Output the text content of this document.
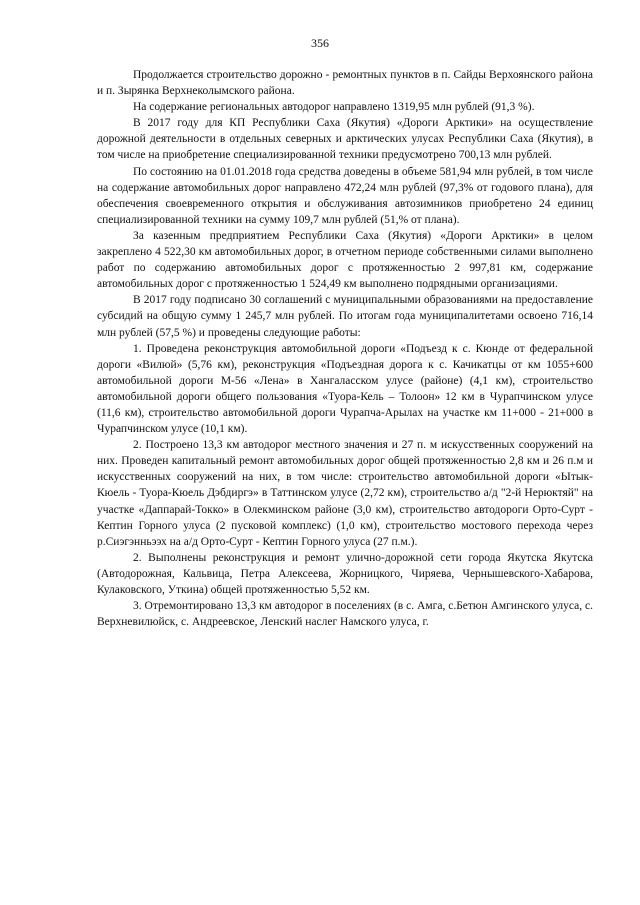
356

Продолжается строительство дорожно - ремонтных пунктов в п. Сайды Верхоянского района и п. Зырянка Верхнеколымского района.

На содержание региональных автодорог направлено 1319,95 млн рублей (91,3 %).

В 2017 году для КП Республики Саха (Якутия) «Дороги Арктики» на осуществление дорожной деятельности в отдельных северных и арктических улусах Республики Саха (Якутия), в том числе на приобретение специализированной техники предусмотрено 700,13 млн рублей.

По состоянию на 01.01.2018 года средства доведены в объеме 581,94 млн рублей, в том числе на содержание автомобильных дорог направлено 472,24 млн рублей (97,3% от годового плана), для обеспечения своевременного открытия и обслуживания автозимников приобретено 24 единиц специализированной техники на сумму 109,7 млн рублей (51,% от плана).

За казенным предприятием Республики Саха (Якутия) «Дороги Арктики» в целом закреплено 4 522,30 км автомобильных дорог, в отчетном периоде собственными силами выполнено работ по содержанию автомобильных дорог с протяженностью 2 997,81 км, содержание автомобильных дорог с протяженностью 1 524,49 км выполнено подрядными организациями.

В 2017 году подписано 30 соглашений с муниципальными образованиями на предоставление субсидий на общую сумму 1 245,7 млн рублей. По итогам года муниципалитетами освоено 716,14 млн рублей (57,5 %) и проведены следующие работы:

1. Проведена реконструкция автомобильной дороги «Подъезд к с. Кюнде от федеральной дороги «Вилюй» (5,76 км), реконструкция «Подъездная дорога к с. Качикатцы от км 1055+600 автомобильной дороги М-56 «Лена» в Хангаласском улусе (районе) (4,1 км), строительство автомобильной дороги общего пользования «Туора-Кель – Толоон» 12 км в Чурапчинском улусе (11,6 км), строительство автомобильной дороги Чурапча-Арылах на участке км 11+000 - 21+000 в Чурапчинском улусе (10,1 км).

2. Построено 13,3 км автодорог местного значения и 27 п. м искусственных сооружений на них. Проведен капитальный ремонт автомобильных дорог общей протяженностью 2,8 км и 26 п.м и искусственных сооружений на них, в том числе: строительство автомобильной дороги «Ытык-Кюель - Туора-Кюель Дэбдиргэ» в Таттинском улусе (2,72 км), строительство а/д "2-й Нерюктяй" на участке «Даппарай-Токко» в Олекминском районе (3,0 км), строительство автодороги Орто-Сурт - Кептин Горного улуса (2 пусковой комплекс) (1,0 км), строительство мостового перехода через р.Сиэгэнньээх на а/д Орто-Сурт - Кептин Горного улуса (27 п.м.).

2. Выполнены реконструкция и ремонт улично-дорожной сети города Якутска Якутска (Автодорожная, Кальвица, Петра Алексеева, Жорницкого, Чиряева, Чернышевского-Хабарова, Кулаковского, Уткина) общей протяженностью 5,52 км.

3. Отремонтировано 13,3 км автодорог в поселениях (в с. Амга, с.Бетюн Амгинского улуса, с. Верхневилюйск, с. Андреевское, Ленский наслег Намского улуса, г.
